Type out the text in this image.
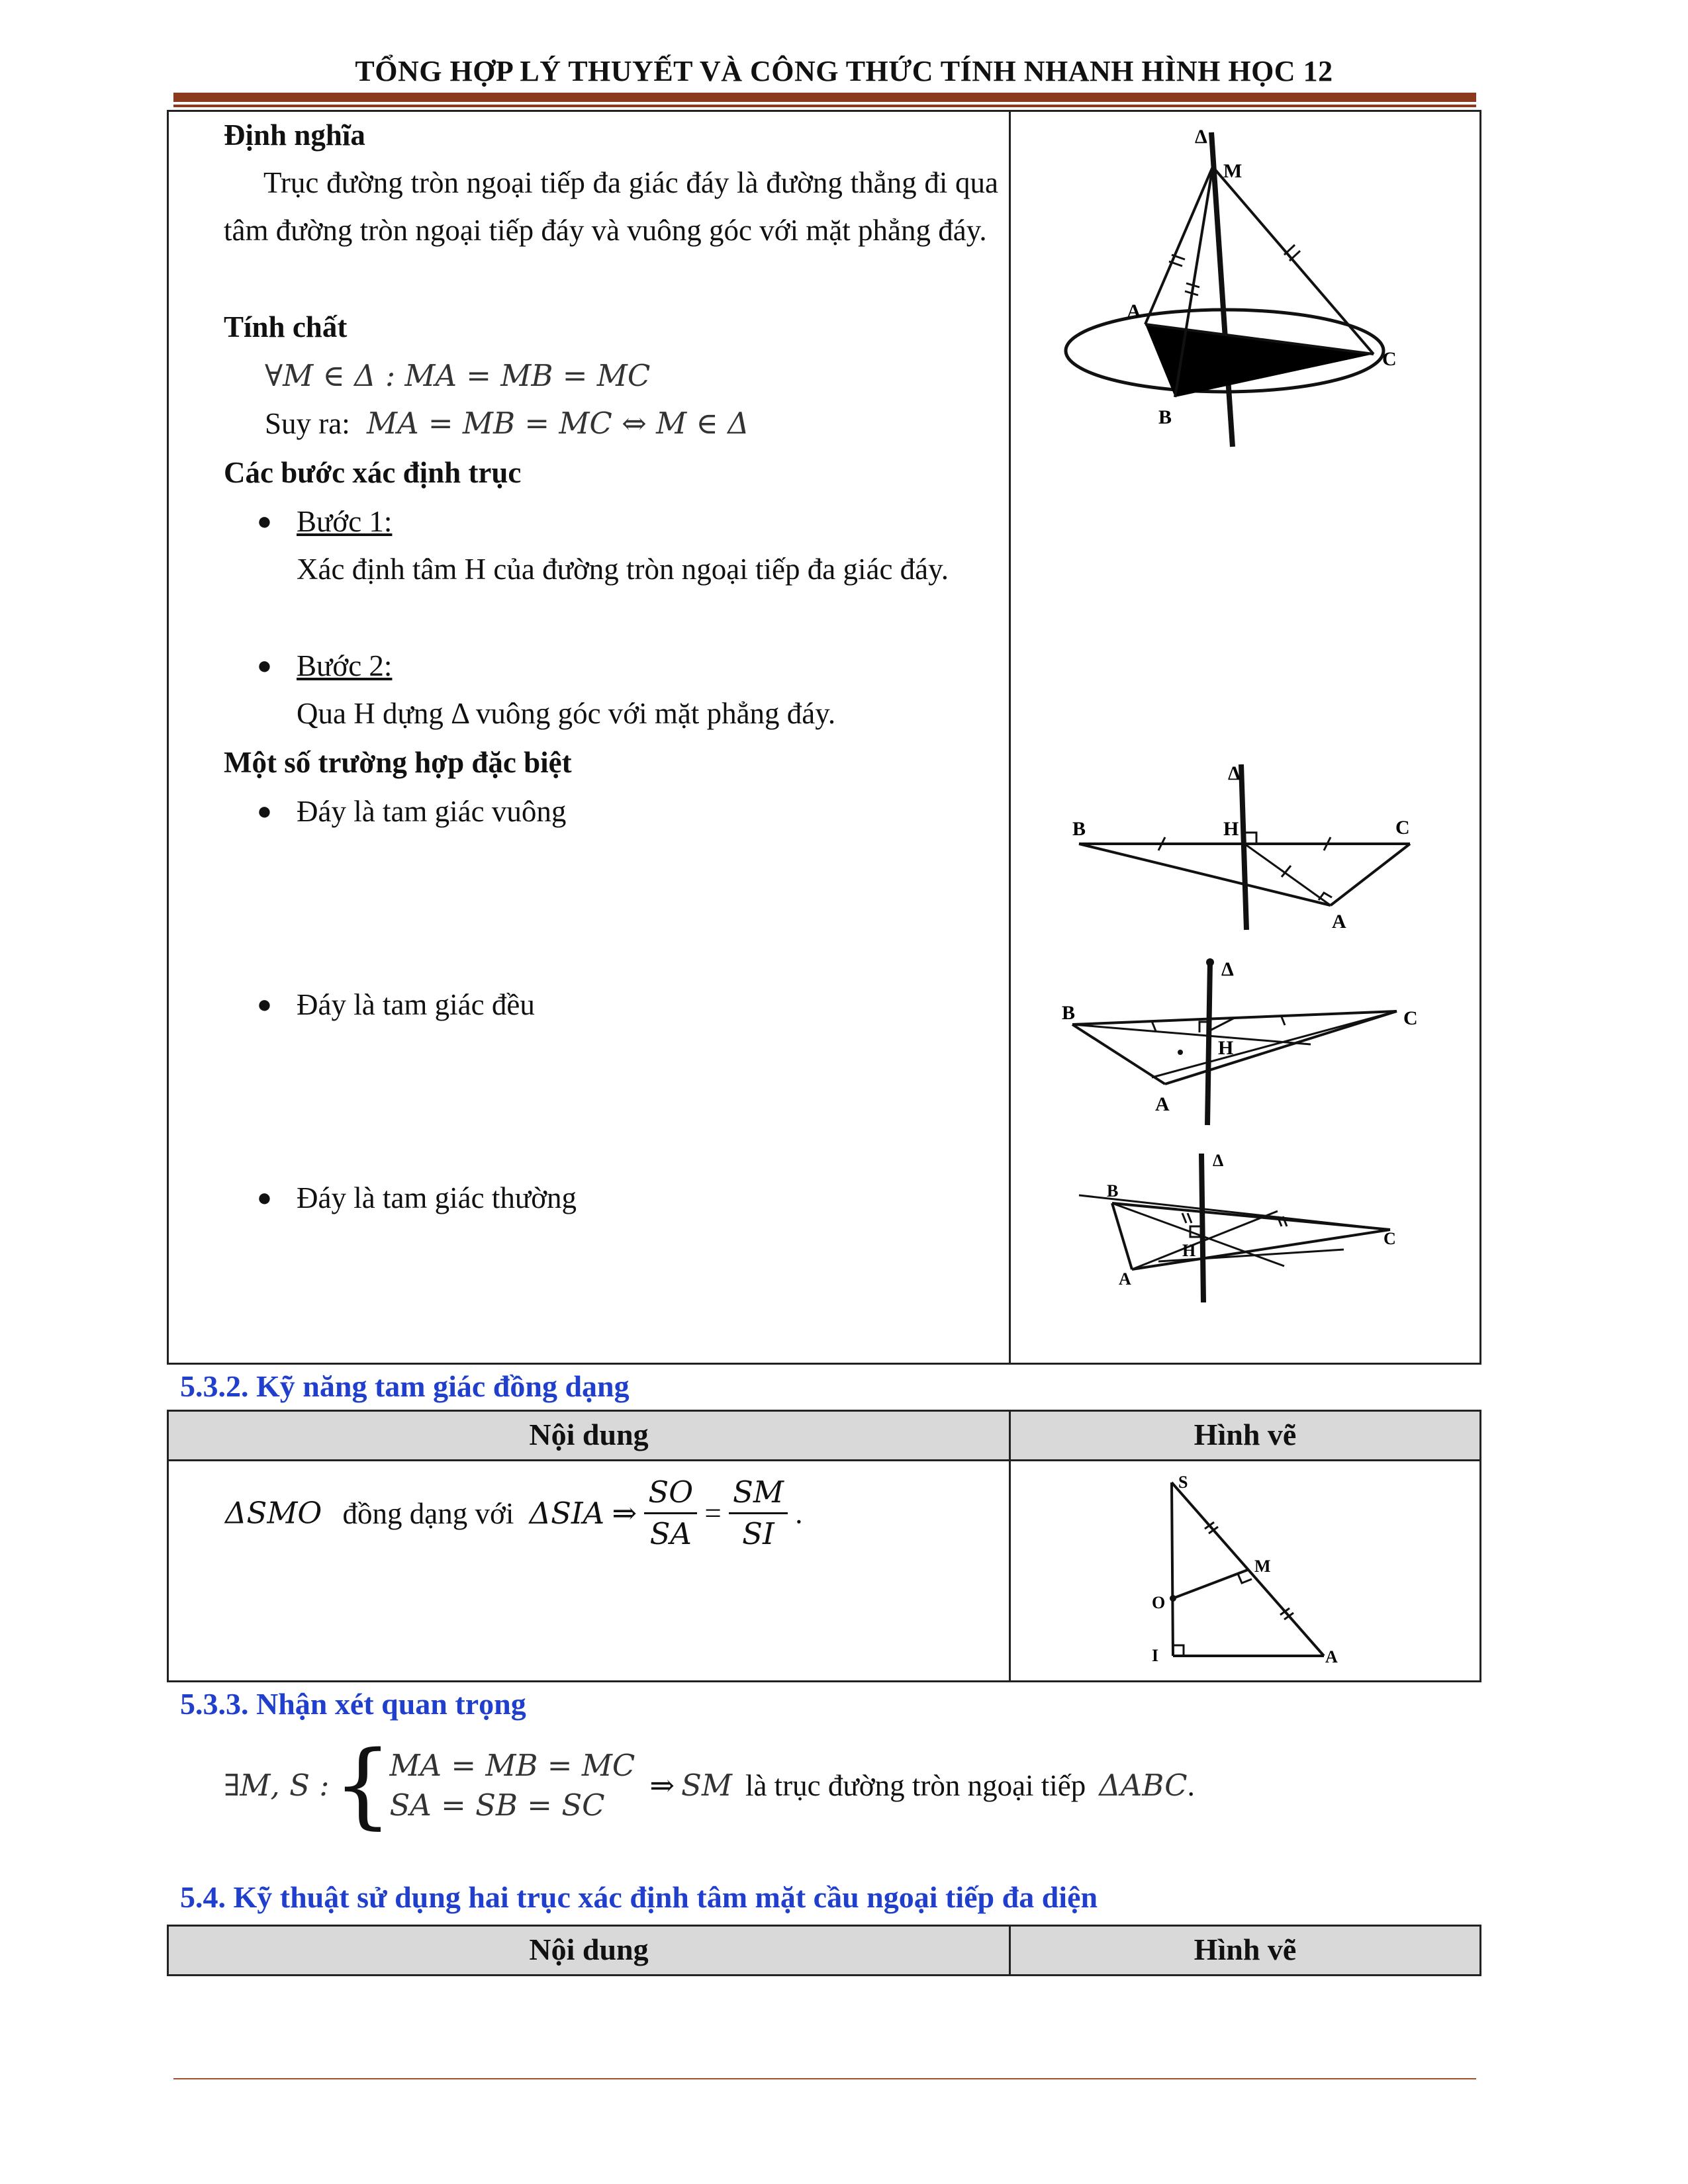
TỔNG HỢP LÝ THUYẾT VÀ CÔNG THỨC TÍNH NHANH HÌNH HỌC 12
Định nghĩa
Trục đường tròn ngoại tiếp đa giác đáy là đường thẳng đi qua tâm đường tròn ngoại tiếp đáy và vuông góc với mặt phẳng đáy.
Tính chất
∀M ∈ Δ : MA = MB = MC
Suy ra: MA = MB = MC ⇔ M ∈ Δ
Các bước xác định trục
● Bước 1:
Xác định tâm H của đường tròn ngoại tiếp đa giác đáy.
● Bước 2:
Qua H dựng Δ vuông góc với mặt phẳng đáy.
Một số trường hợp đặc biệt
● Đáy là tam giác vuông
● Đáy là tam giác đều
● Đáy là tam giác thường
Δ
M
A
B
C
Δ
B	H	C
A
Δ
B	C
H
A
Δ
B
C
H
A
5.3.2. Kỹ năng tam giác đồng dạng
Nội dung	Hình vẽ
ΔSMO đồng dạng với ΔSIA ⇒ $\frac{SO}{SA} = \frac{SM}{SI}$ .
S
O
M
I	A
5.3.3. Nhận xét quan trọng
∃M, S : {
MA = MB = MC
SA = SB = SC
⇒ SM là trục đường tròn ngoại tiếp ΔABC .
5.4. Kỹ thuật sử dụng hai trục xác định tâm mặt cầu ngoại tiếp đa diện
Nội dung	Hình vẽ
